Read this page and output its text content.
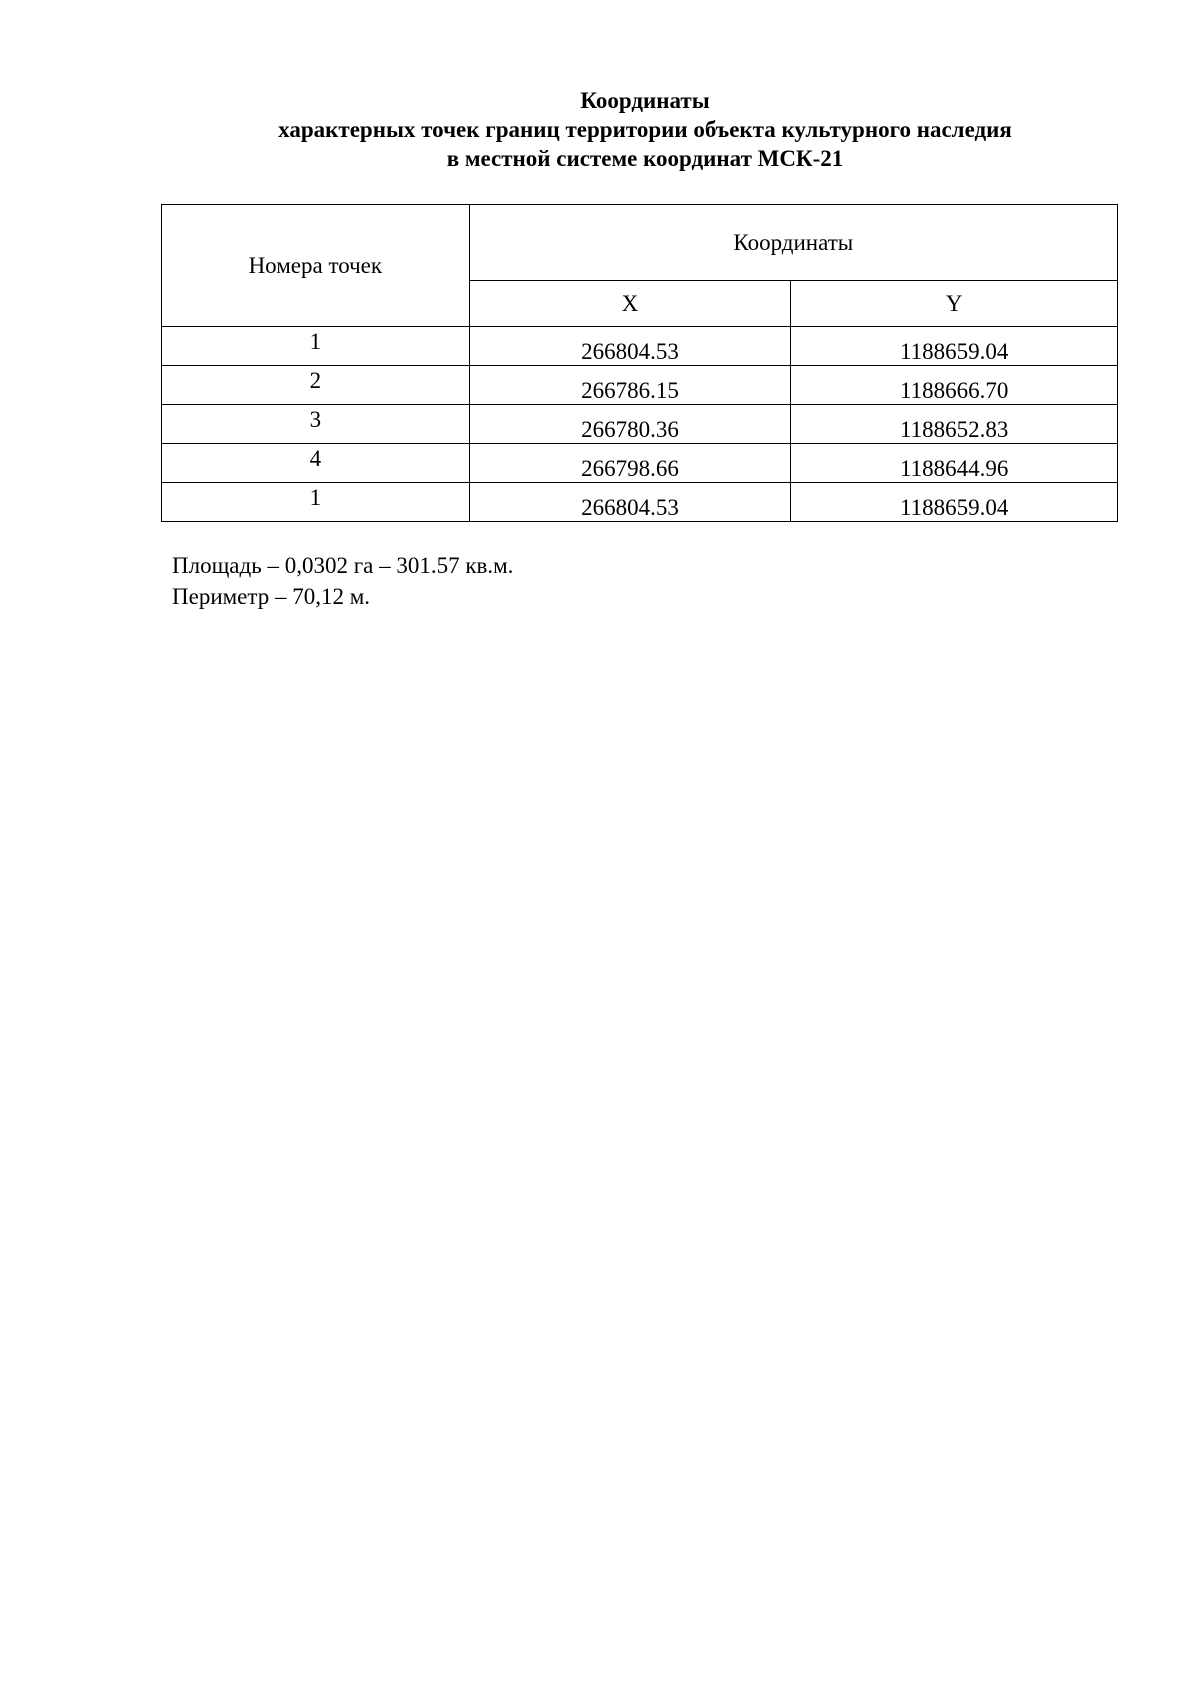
Координаты
характерных точек границ территории объекта культурного наследия
в местной системе координат МСК-21
Номера точек	Координаты	
	X	Y
1	266804.53	1188659.04
2	266786.15	1188666.70
3	266780.36	1188652.83
4	266798.66	1188644.96
1	266804.53	1188659.04
Площадь – 0,0302 га – 301.57 кв.м.
Периметр – 70,12 м.
